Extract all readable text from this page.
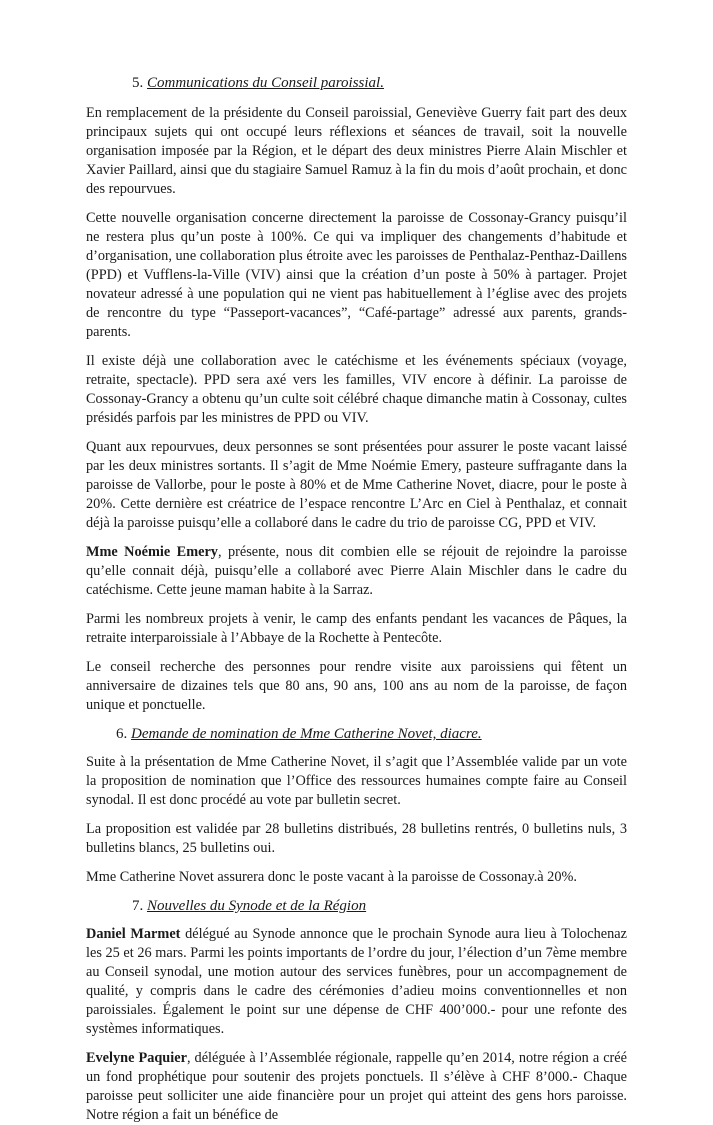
5. Communications du Conseil paroissial.

En remplacement de la présidente du Conseil paroissial, Geneviève Guerry fait part des deux principaux sujets qui ont occupé leurs réflexions et séances de travail, soit la nouvelle organisation imposée par la Région, et le départ des deux ministres Pierre Alain Mischler et Xavier Paillard, ainsi que du stagiaire Samuel Ramuz à la fin du mois d’août prochain, et donc des repourvues.

Cette nouvelle organisation concerne directement la paroisse de Cossonay-Grancy puisqu’il ne restera plus qu’un poste à 100%. Ce qui va impliquer des changements d’habitude et d’organisation, une collaboration plus étroite avec les paroisses de Penthalaz-Penthaz-Daillens (PPD) et Vufflens-la-Ville (VIV) ainsi que la création d’un poste à 50% à partager. Projet novateur adressé à une population qui ne vient pas habituellement à l’église avec des projets de rencontre du type “Passeport-vacances”, “Café-partage” adressé aux parents, grands-parents.

Il existe déjà une collaboration avec le catéchisme et les événements spéciaux (voyage, retraite, spectacle). PPD sera axé vers les familles, VIV encore à définir. La paroisse de Cossonay-Grancy a obtenu qu’un culte soit célébré chaque dimanche matin à Cossonay, cultes présidés parfois par les ministres de PPD ou VIV.

Quant aux repourvues, deux personnes se sont présentées pour assurer le poste vacant laissé par les deux ministres sortants. Il s’agit de Mme Noémie Emery, pasteure suffragante dans la paroisse de Vallorbe, pour le poste à 80% et de Mme Catherine Novet, diacre, pour le poste à 20%. Cette dernière est créatrice de l’espace rencontre L’Arc en Ciel à Penthalaz, et connait déjà la paroisse puisqu’elle a collaboré dans le cadre du trio de paroisse CG, PPD et VIV.

Mme Noémie Emery, présente, nous dit combien elle se réjouit de rejoindre la paroisse qu’elle connait déjà, puisqu’elle a collaboré avec Pierre Alain Mischler dans le cadre du catéchisme. Cette jeune maman habite à la Sarraz.

Parmi les nombreux projets à venir, le camp des enfants pendant les vacances de Pâques, la retraite interparoissiale à l’Abbaye de la Rochette à Pentecôte.

Le conseil recherche des personnes pour rendre visite aux paroissiens qui fêtent un anniversaire de dizaines tels que 80 ans, 90 ans, 100 ans au nom de la paroisse, de façon unique et ponctuelle.

6. Demande de nomination de Mme Catherine Novet, diacre.

Suite à la présentation de Mme Catherine Novet, il s’agit que l’Assemblée valide par un vote la proposition de nomination que l’Office des ressources humaines compte faire au Conseil synodal. Il est donc procédé au vote par bulletin secret.

La proposition est validée par 28 bulletins distribués, 28 bulletins rentrés, 0 bulletins nuls, 3 bulletins blancs, 25 bulletins oui.

Mme Catherine Novet assurera donc le poste vacant à la paroisse de Cossonay.à 20%.

7. Nouvelles du Synode et de la Région

Daniel Marmet délégué au Synode annonce que le prochain Synode aura lieu à Tolochenaz les 25 et 26 mars. Parmi les points importants de l’ordre du jour, l’élection d’un 7ème membre au Conseil synodal, une motion autour des services funèbres, pour un accompagnement de qualité, y compris dans le cadre des cérémonies d’adieu moins conventionnelles et non paroissiales. Également le point sur une dépense de CHF 400’000.- pour une refonte des systèmes informatiques.

Evelyne Paquier, déléguée à l’Assemblée régionale, rappelle qu’en 2014, notre région a créé un fond prophétique pour soutenir des projets ponctuels. Il s’élève à CHF 8’000.- Chaque paroisse peut solliciter une aide financière pour un projet qui atteint des gens hors paroisse. Notre région a fait un bénéfice de
